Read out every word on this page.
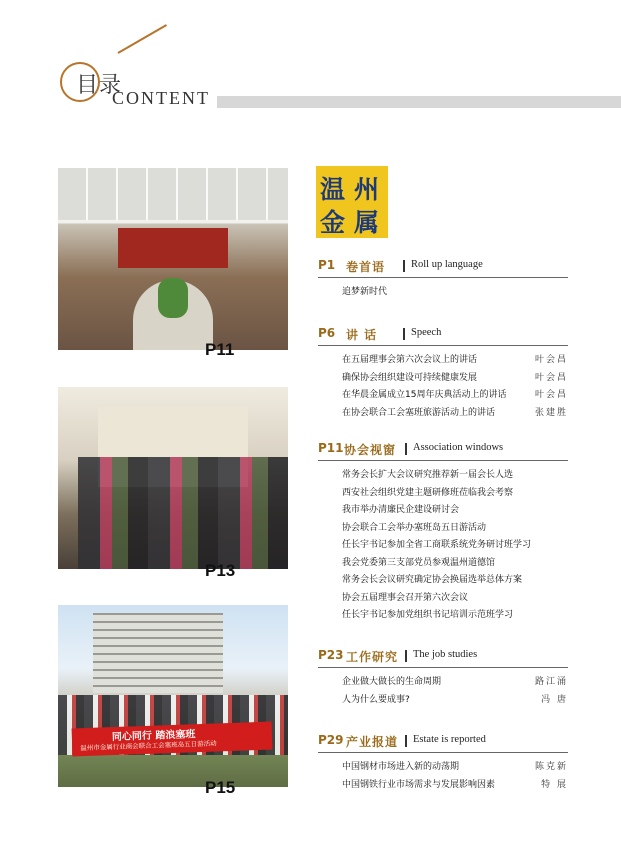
目录
CONTENT
P11
P13
同心同行 踏浪塞班
温州市金属行业商会联合工会塞班岛五日游活动
P15
温 州
金 属
P1 卷首语 Roll up language
追梦新时代
P6 讲 话	Speech
在五届理事会第六次会议上的讲话	叶会昌
确保协会组织建设可持续健康发展	叶会昌
在华晨金属成立15周年庆典活动上的讲话	叶会昌
在协会联合工会塞班旅游活动上的讲话	张建胜
P11 协会视窗 Association windows
常务会长扩大会议研究推荐新一届会长人选
西安社会组织党建主题研修班莅临我会考察
我市举办清廉民企建设研讨会
协会联合工会举办塞班岛五日游活动
任长宇书记参加全省工商联系统党务研讨班学习
我会党委第三支部党员参观温州道德馆
常务会长会议研究确定协会换届选举总体方案
协会五届理事会召开第六次会议
任长宇书记参加党组织书记培训示范班学习
P23 工作研究 The job studies
企业做大做长的生命周期	路江涌
人为什么要成事?	冯 唐
P29 产业报道 Estate is reported
中国钢材市场进入新的动荡期	陈克新
中国钢铁行业市场需求与发展影响因素	特 展
